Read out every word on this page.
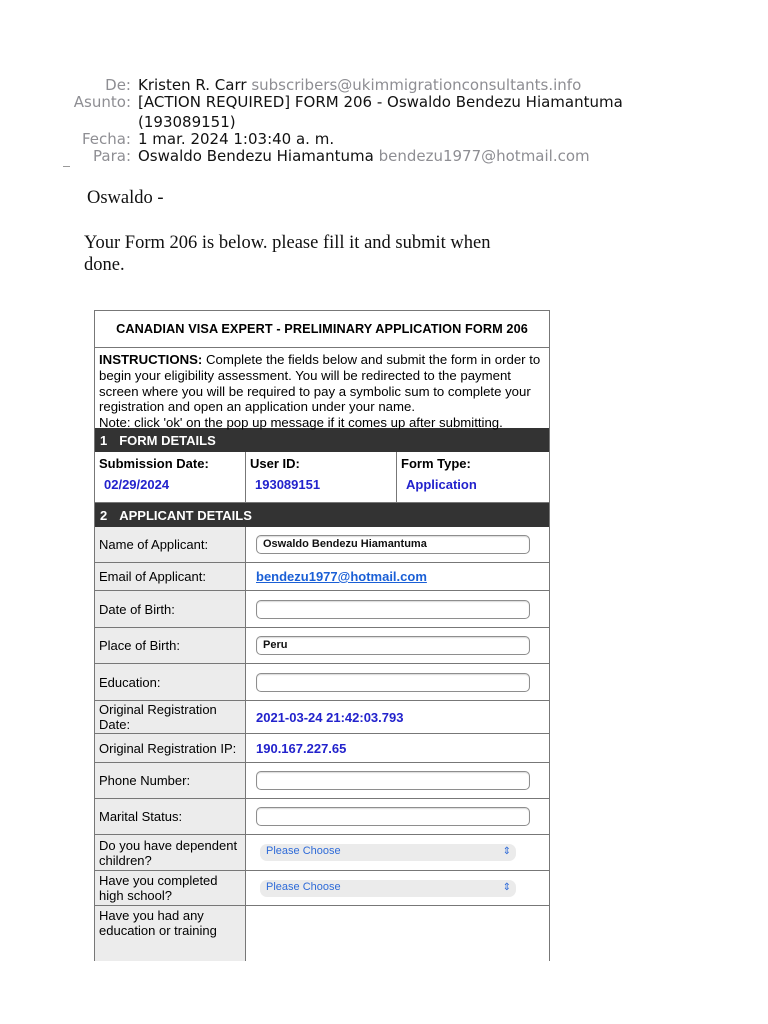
De: Kristen R. Carr subscribers@ukimmigrationconsultants.info
Asunto: [ACTION REQUIRED] FORM 206 - Oswaldo Bendezu Hiamantuma
(193089151)
Fecha: 1 mar. 2024 1:03:40 a. m.
Para: Oswaldo Bendezu Hiamantuma bendezu1977@hotmail.com
Oswaldo -
Your Form 206 is below. please fill it and submit when
done.
CANADIAN VISA EXPERT - PRELIMINARY APPLICATION FORM 206
INSTRUCTIONS: Complete the fields below and submit the form in order to begin your eligibility assessment. You will be redirected to the payment screen where you will be required to pay a symbolic sum to complete your registration and open an application under your name.
Note: click 'ok' on the pop up message if it comes up after submitting.
1 FORM DETAILS
Submission Date:
02/29/2024
User ID:
193089151
Form Type:
Application
2 APPLICANT DETAILS
Name of Applicant:	Oswaldo Bendezu Hiamantuma
Email of Applicant:	bendezu1977@hotmail.com
Date of Birth:
Place of Birth:	Peru
Education:
Original Registration Date:	2021-03-24 21:42:03.793
Original Registration IP:	190.167.227.65
Phone Number:
Marital Status:
Do you have dependent children?
Please Choose	⇕
Have you completed high school?
Please Choose	⇕
Have you had any education or training
